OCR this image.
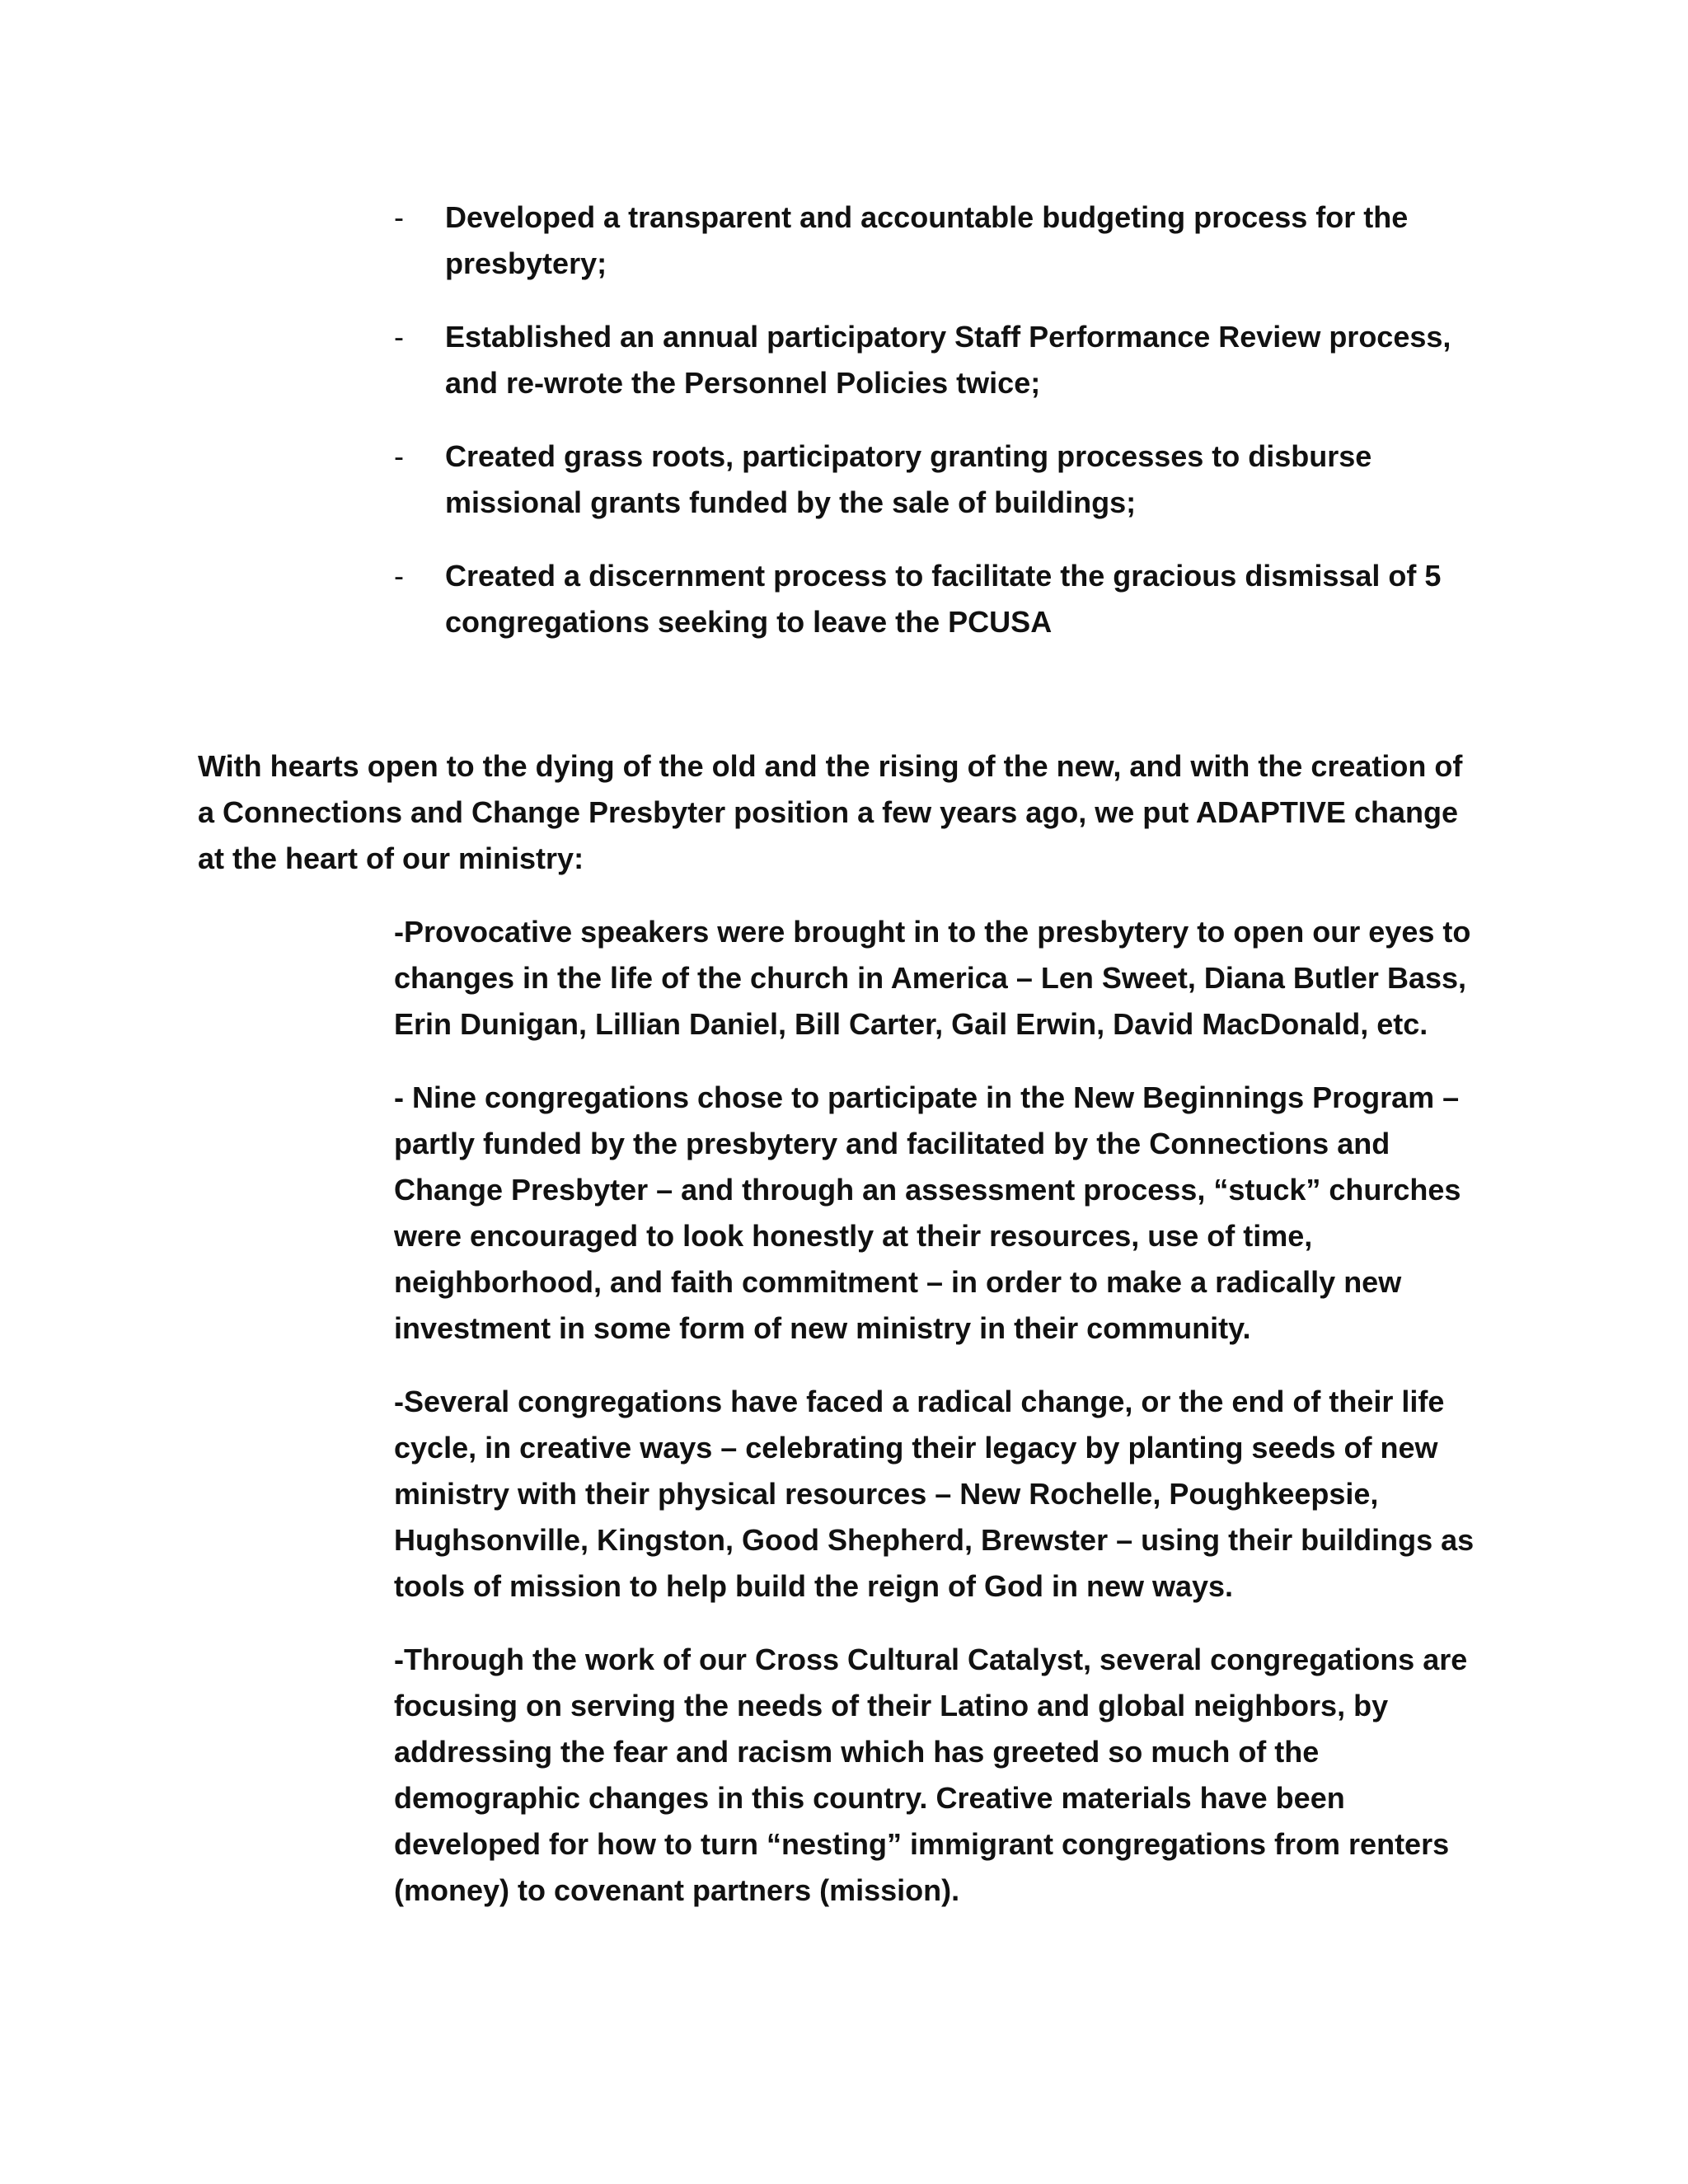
- Developed a transparent and accountable budgeting process for the presbytery;
- Established an annual participatory Staff Performance Review process, and re-wrote the Personnel Policies twice;
- Created grass roots, participatory granting processes to disburse missional grants funded by the sale of buildings;
- Created a discernment process to facilitate the gracious dismissal of 5 congregations seeking to leave the PCUSA

With hearts open to the dying of the old and the rising of the new, and with the creation of a Connections and Change Presbyter position a few years ago, we put ADAPTIVE change at the heart of our ministry:

-Provocative speakers were brought in to the presbytery to open our eyes to changes in the life of the church in America – Len Sweet, Diana Butler Bass, Erin Dunigan, Lillian Daniel, Bill Carter, Gail Erwin, David MacDonald, etc.

- Nine congregations chose to participate in the New Beginnings Program – partly funded by the presbytery and facilitated by the Connections and Change Presbyter – and through an assessment process, “stuck” churches were encouraged to look honestly at their resources, use of time, neighborhood, and faith commitment – in order to make a radically new investment in some form of new ministry in their community.

-Several congregations have faced a radical change, or the end of their life cycle, in creative ways – celebrating their legacy by planting seeds of new ministry with their physical resources – New Rochelle, Poughkeepsie, Hughsonville, Kingston, Good Shepherd, Brewster – using their buildings as tools of mission to help build the reign of God in new ways.

-Through the work of our Cross Cultural Catalyst, several congregations are focusing on serving the needs of their Latino and global neighbors, by addressing the fear and racism which has greeted so much of the demographic changes in this country. Creative materials have been developed for how to turn “nesting” immigrant congregations from renters (money) to covenant partners (mission).
